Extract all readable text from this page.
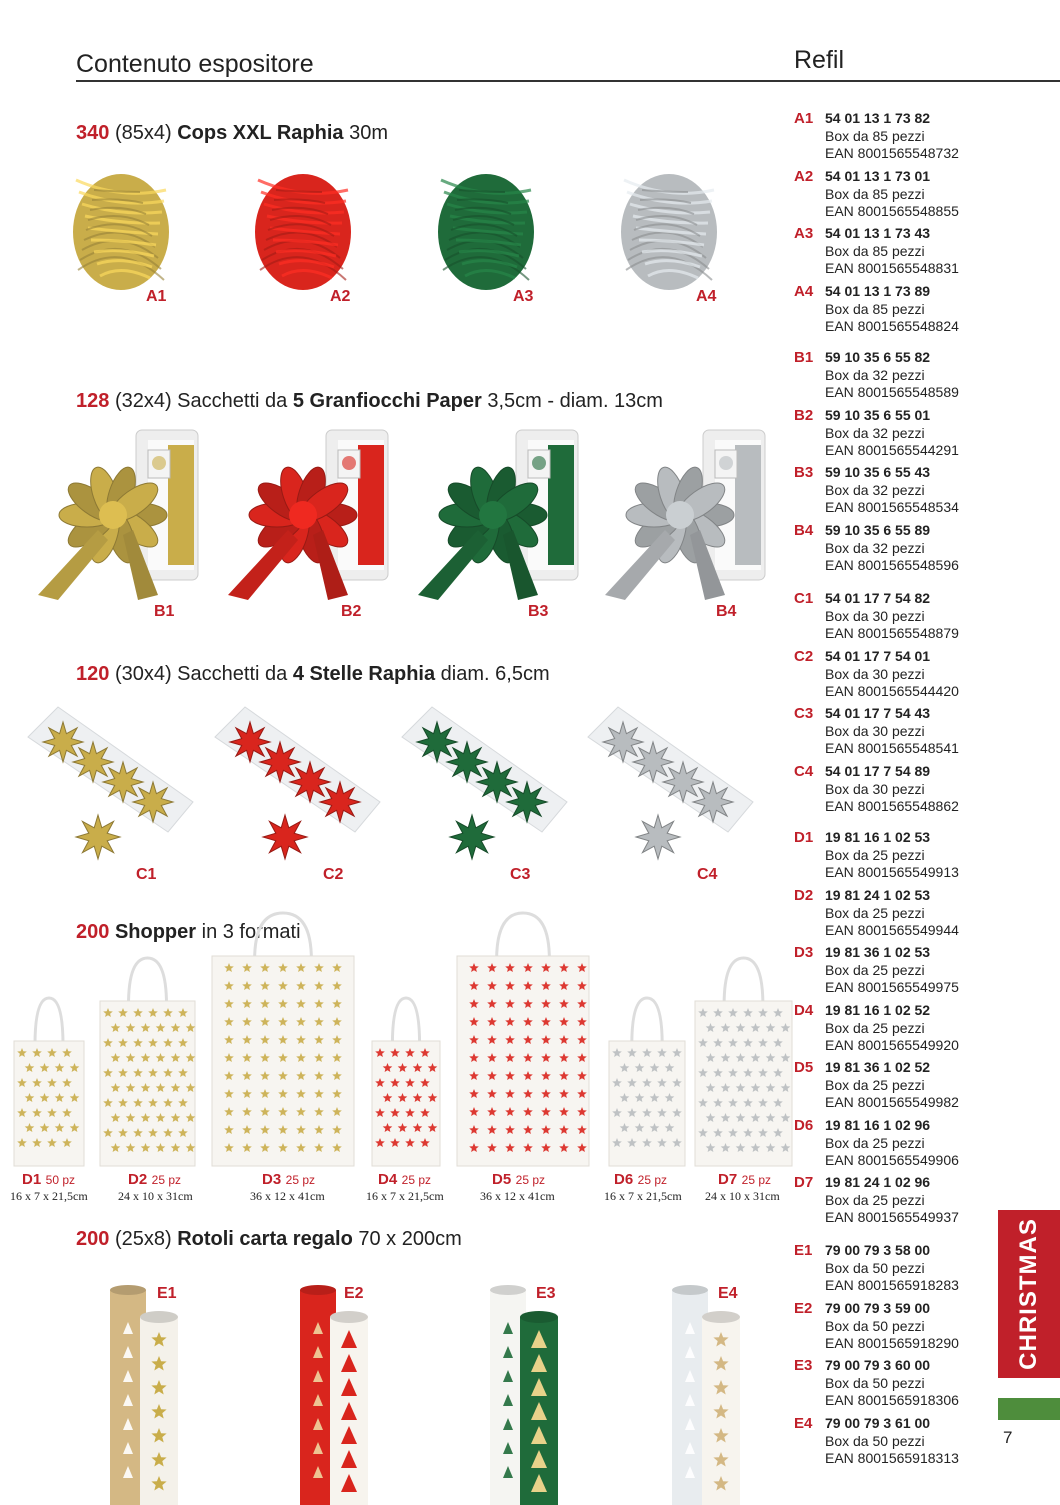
Contenuto espositore	Refil
340 (85x4) Cops XXL Raphia 30m
A1	A2	A3	A4
128 (32x4) Sacchetti da 5 Granfiocchi Paper 3,5cm - diam. 13cm
B1	B2	B3	B4
120 (30x4) Sacchetti da 4 Stelle Raphia diam. 6,5cm
C1	C2	C3	C4
200 Shopper in 3 formati
D1 50 pz
16 x 7 x 21,5cm
D2 25 pz
24 x 10 x 31cm
D3 25 pz
36 x 12 x 41cm
D4 25 pz
16 x 7 x 21,5cm
D5 25 pz
36 x 12 x 41cm
D6 25 pz
16 x 7 x 21,5cm
D7 25 pz
24 x 10 x 31cm
200 (25x8) Rotoli carta regalo 70 x 200cm
E1	E2	E3	E4
A1 54 01 13 1 73 82
Box da 85 pezzi
EAN 8001565548732
A2 54 01 13 1 73 01
Box da 85 pezzi
EAN 8001565548855
A3 54 01 13 1 73 43
Box da 85 pezzi
EAN 8001565548831
A4 54 01 13 1 73 89
Box da 85 pezzi
EAN 8001565548824
B1 59 10 35 6 55 82
Box da 32 pezzi
EAN 8001565548589
B2 59 10 35 6 55 01
Box da 32 pezzi
EAN 8001565544291
B3 59 10 35 6 55 43
Box da 32 pezzi
EAN 8001565548534
B4 59 10 35 6 55 89
Box da 32 pezzi
EAN 8001565548596
C1 54 01 17 7 54 82
Box da 30 pezzi
EAN 8001565548879
C2 54 01 17 7 54 01
Box da 30 pezzi
EAN 8001565544420
C3 54 01 17 7 54 43
Box da 30 pezzi
EAN 8001565548541
C4 54 01 17 7 54 89
Box da 30 pezzi
EAN 8001565548862
D1 19 81 16 1 02 53
Box da 25 pezzi
EAN 8001565549913
D2 19 81 24 1 02 53
Box da 25 pezzi
EAN 8001565549944
D3 19 81 36 1 02 53
Box da 25 pezzi
EAN 8001565549975
D4 19 81 16 1 02 52
Box da 25 pezzi
EAN 8001565549920
D5 19 81 36 1 02 52
Box da 25 pezzi
EAN 8001565549982
D6 19 81 16 1 02 96
Box da 25 pezzi
EAN 8001565549906
D7 19 81 24 1 02 96
Box da 25 pezzi
EAN 8001565549937
E1 79 00 79 3 58 00
Box da 50 pezzi
EAN 8001565918283
E2 79 00 79 3 59 00
Box da 50 pezzi
EAN 8001565918290
E3 79 00 79 3 60 00
Box da 50 pezzi
EAN 8001565918306
E4 79 00 79 3 61 00
Box da 50 pezzi
EAN 8001565918313
CHRISTMAS
7
